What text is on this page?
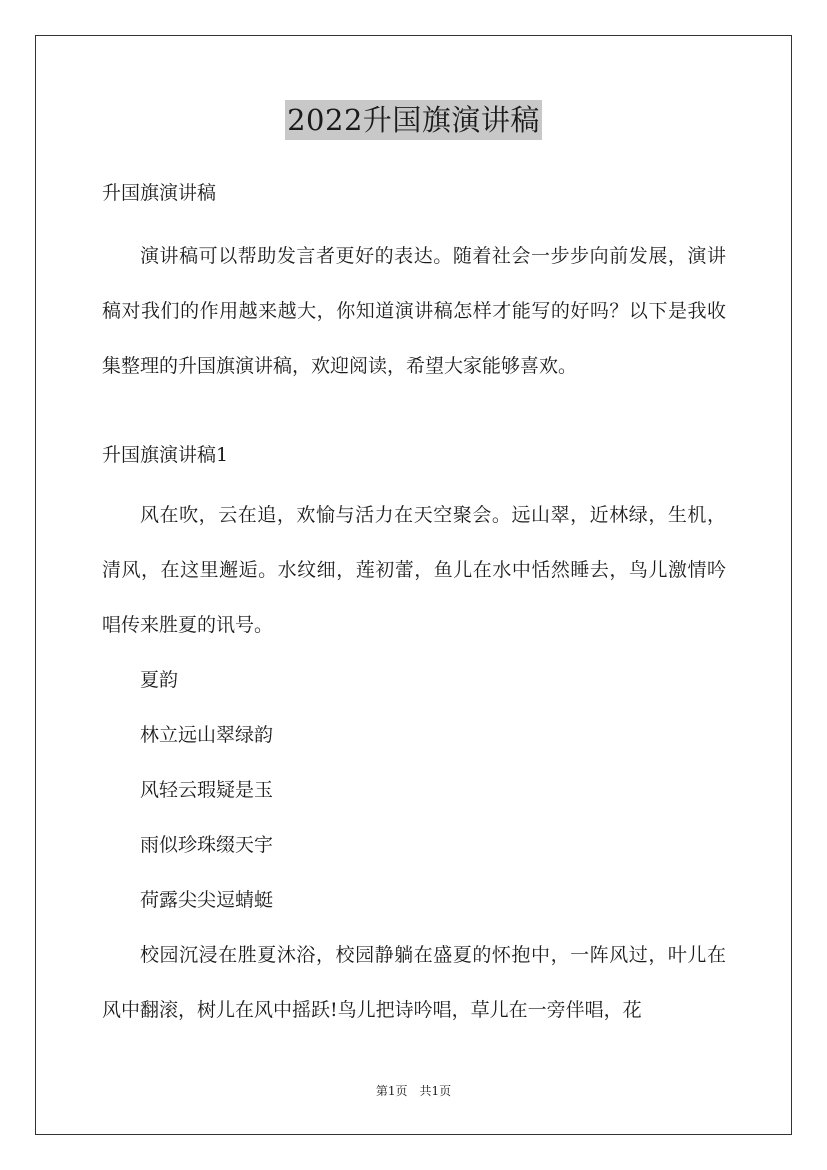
2022升国旗演讲稿

升国旗演讲稿

演讲稿可以帮助发言者更好的表达。随着社会一步步向前发展，演讲稿对我们的作用越来越大，你知道演讲稿怎样才能写的好吗？以下是我收集整理的升国旗演讲稿，欢迎阅读，希望大家能够喜欢。

升国旗演讲稿1

风在吹，云在追，欢愉与活力在天空聚会。远山翠，近林绿，生机，清风，在这里邂逅。水纹细，莲初蕾，鱼儿在水中恬然睡去，鸟儿激情吟唱传来胜夏的讯号。

夏韵

林立远山翠绿韵

风轻云瑕疑是玉

雨似珍珠缀天宇

荷露尖尖逗蜻蜓

校园沉浸在胜夏沐浴，校园静躺在盛夏的怀抱中，一阵风过，叶儿在风中翻滚，树儿在风中摇跃!鸟儿把诗吟唱，草儿在一旁伴唱，花

第1页　共1页
